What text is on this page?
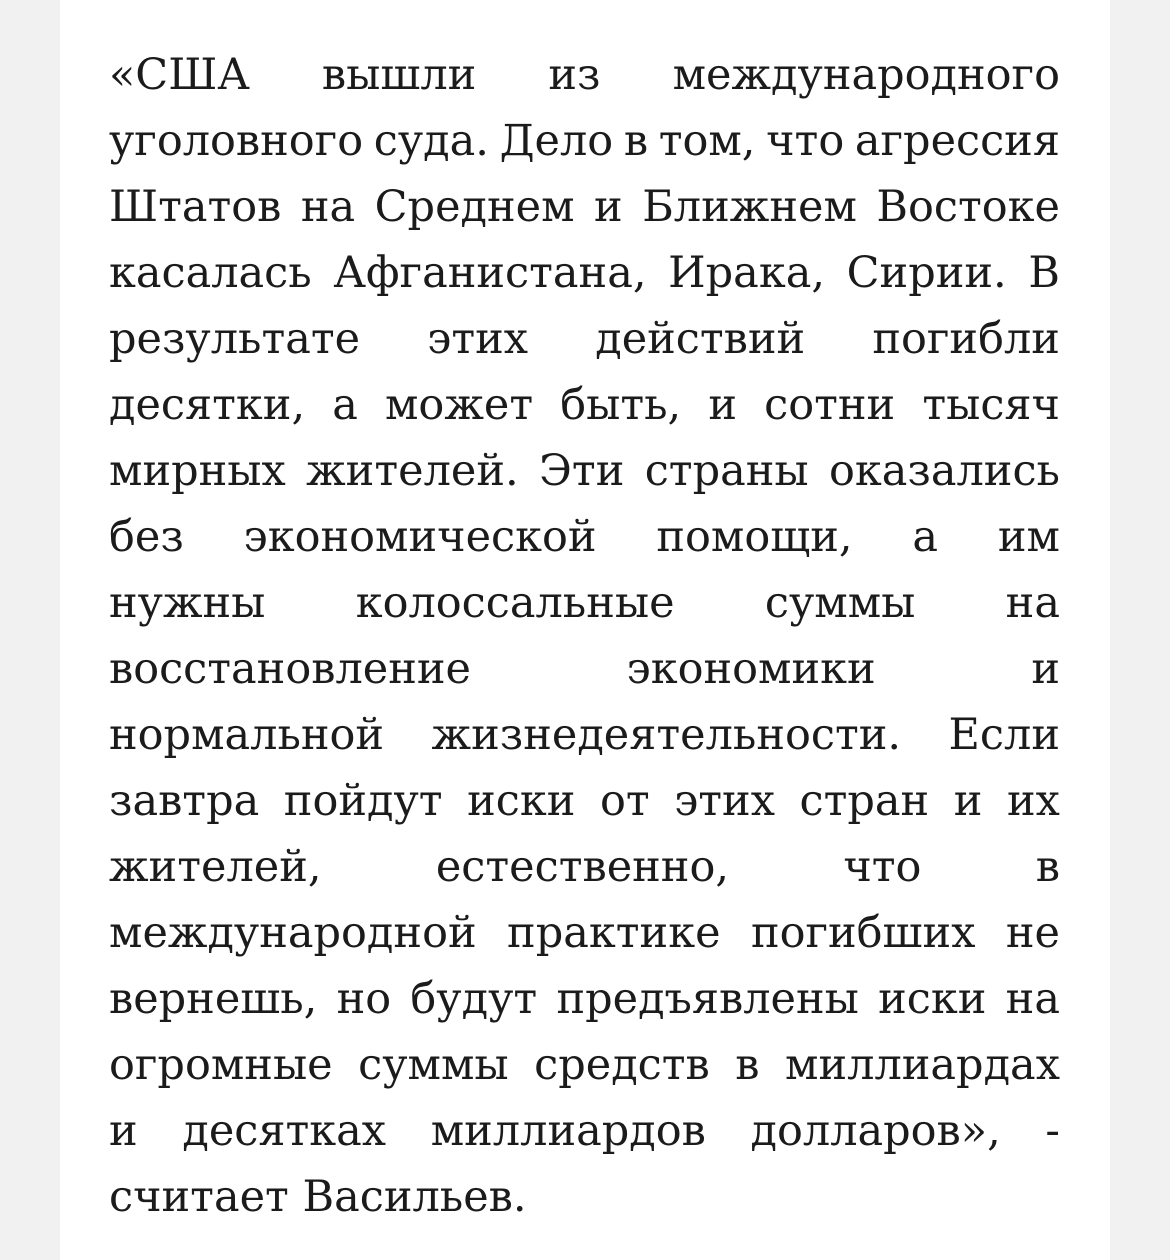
«США вышли из международного
уголовного суда. Дело в том, что агрессия
Штатов на Среднем и Ближнем Востоке
касалась Афганистана, Ирака, Сирии. В
результате этих действий погибли
десятки, а может быть, и сотни тысяч
мирных жителей. Эти страны оказались
без экономической помощи, а им
нужны колоссальные суммы на
восстановление	экономики	и
нормальной жизнедеятельности. Если
завтра пойдут иски от этих стран и их
жителей,	естественно,	что	в
международной практике погибших не
вернешь, но будут предъявлены иски на
огромные суммы средств в миллиардах
и десятках миллиардов долларов», -
считает Васильев.
